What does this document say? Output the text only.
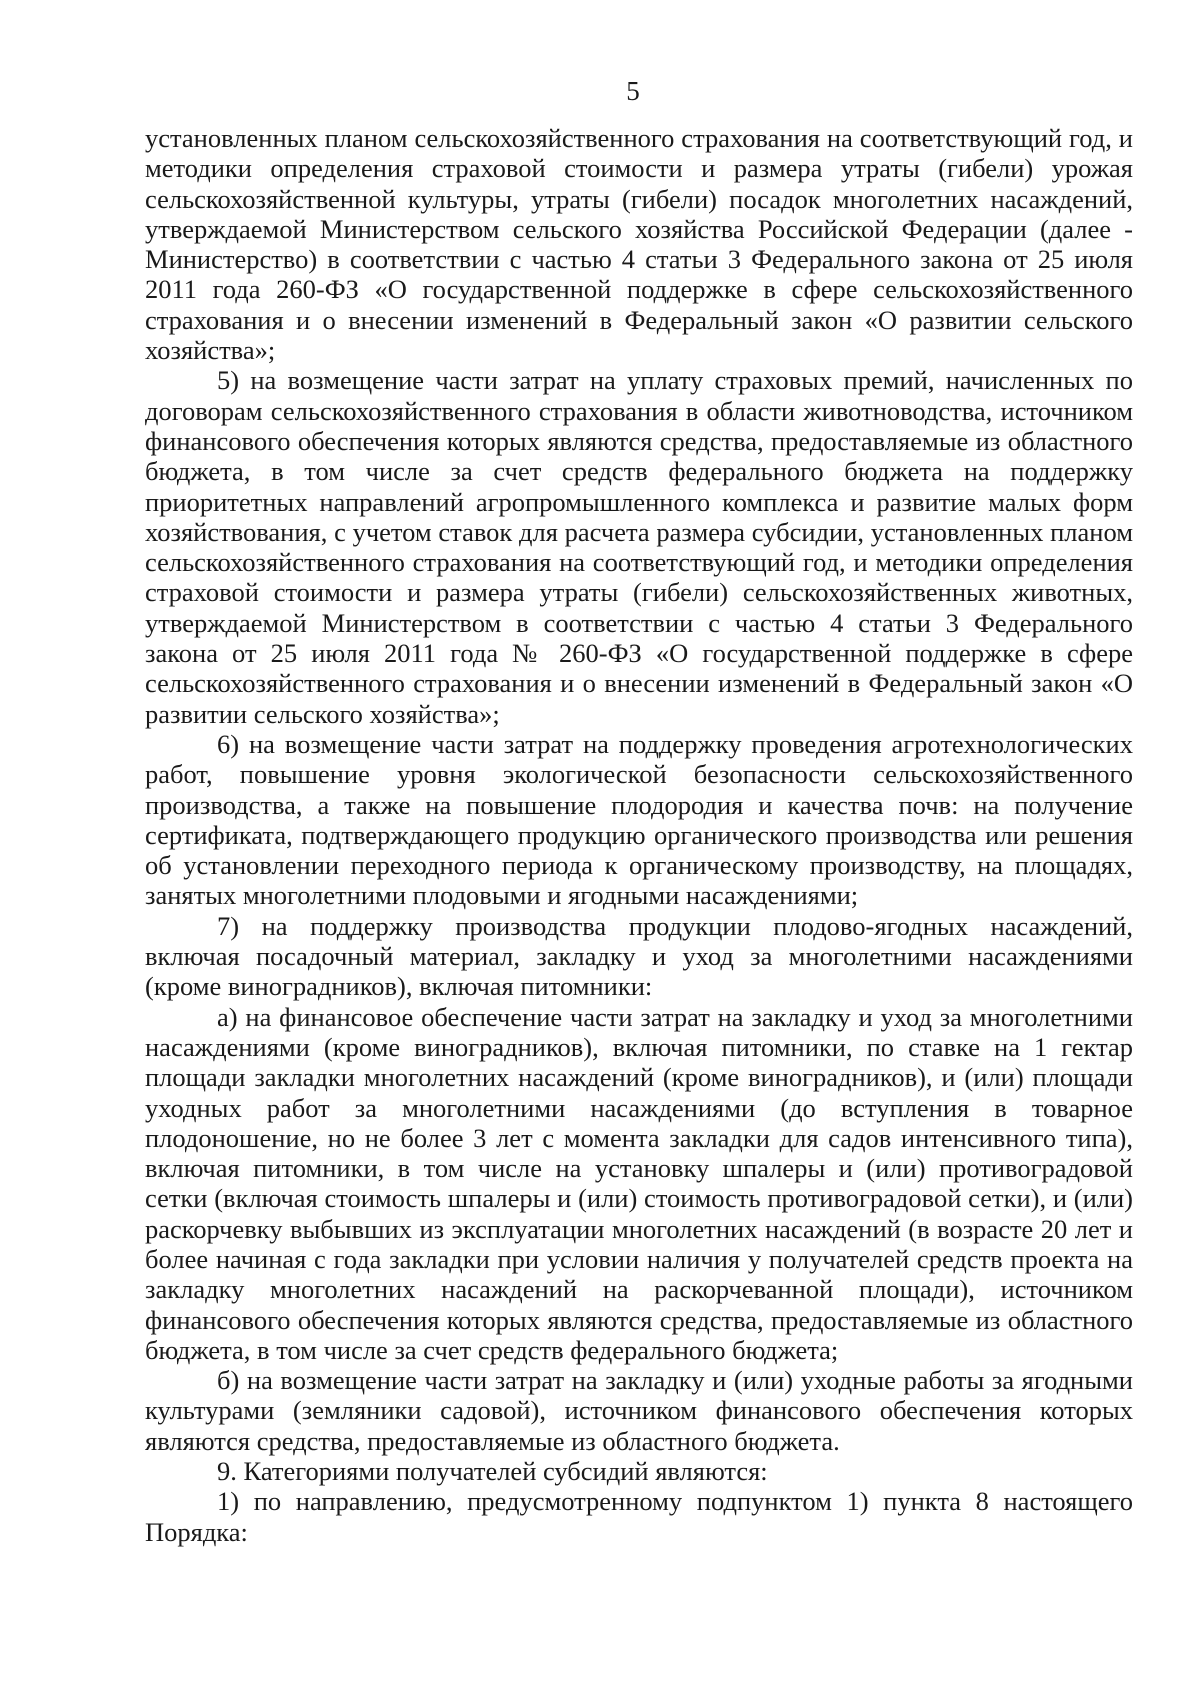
5

установленных планом сельскохозяйственного страхования на соответствующий год, и методики определения страховой стоимости и размера утраты (гибели) урожая сельскохозяйственной культуры, утраты (гибели) посадок многолетних насаждений, утверждаемой Министерством сельского хозяйства Российской Федерации (далее - Министерство) в соответствии с частью 4 статьи 3 Федерального закона от 25 июля 2011 года 260-ФЗ «О государственной поддержке в сфере сельскохозяйственного страхования и о внесении изменений в Федеральный закон «О развитии сельского хозяйства»;

5) на возмещение части затрат на уплату страховых премий, начисленных по договорам сельскохозяйственного страхования в области животноводства, источником финансового обеспечения которых являются средства, предоставляемые из областного бюджета, в том числе за счет средств федерального бюджета на поддержку приоритетных направлений агропромышленного комплекса и развитие малых форм хозяйствования, с учетом ставок для расчета размера субсидии, установленных планом сельскохозяйственного страхования на соответствующий год, и методики определения страховой стоимости и размера утраты (гибели) сельскохозяйственных животных, утверждаемой Министерством в соответствии с частью 4 статьи 3 Федерального закона от 25 июля 2011 года № 260-ФЗ «О государственной поддержке в сфере сельскохозяйственного страхования и о внесении изменений в Федеральный закон «О развитии сельского хозяйства»;

6) на возмещение части затрат на поддержку проведения агротехнологических работ, повышение уровня экологической безопасности сельскохозяйственного производства, а также на повышение плодородия и качества почв: на получение сертификата, подтверждающего продукцию органического производства или решения об установлении переходного периода к органическому производству, на площадях, занятых многолетними плодовыми и ягодными насаждениями;

7) на поддержку производства продукции плодово-ягодных насаждений, включая посадочный материал, закладку и уход за многолетними насаждениями (кроме виноградников), включая питомники:

а) на финансовое обеспечение части затрат на закладку и уход за многолетними насаждениями (кроме виноградников), включая питомники, по ставке на 1 гектар площади закладки многолетних насаждений (кроме виноградников), и (или) площади уходных работ за многолетними насаждениями (до вступления в товарное плодоношение, но не более 3 лет с момента закладки для садов интенсивного типа), включая питомники, в том числе на установку шпалеры и (или) противоградовой сетки (включая стоимость шпалеры и (или) стоимость противоградовой сетки), и (или) раскорчевку выбывших из эксплуатации многолетних насаждений (в возрасте 20 лет и более начиная с года закладки при условии наличия у получателей средств проекта на закладку многолетних насаждений на раскорчеванной площади), источником финансового обеспечения которых являются средства, предоставляемые из областного бюджета, в том числе за счет средств федерального бюджета;

б) на возмещение части затрат на закладку и (или) уходные работы за ягодными культурами (земляники садовой), источником финансового обеспечения которых являются средства, предоставляемые из областного бюджета.

9. Категориями получателей субсидий являются:

1) по направлению, предусмотренному подпунктом 1) пункта 8 настоящего Порядка:
